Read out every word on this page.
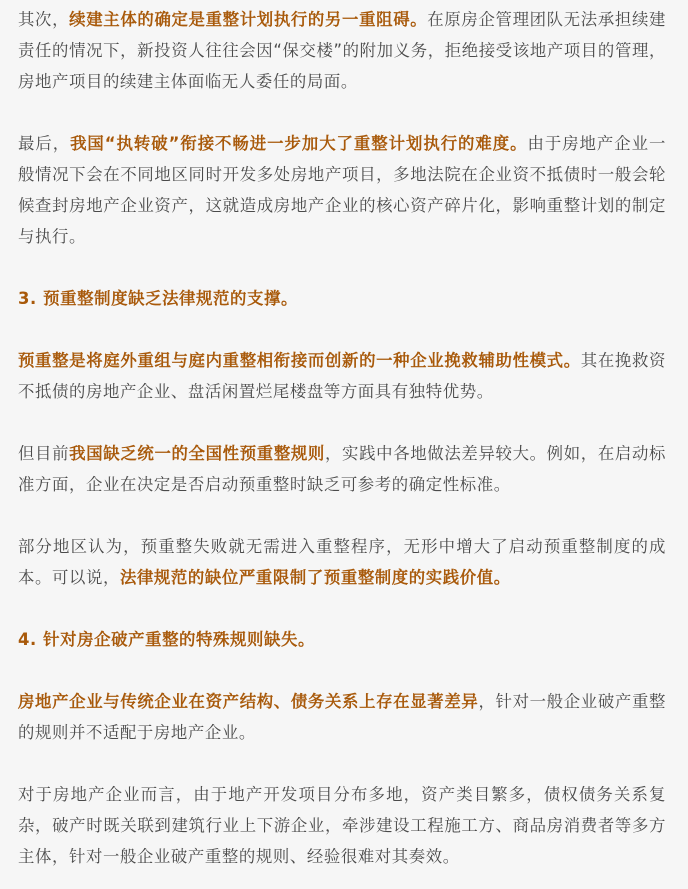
其次，续建主体的确定是重整计划执行的另一重阻碍。在原房企管理团队无法承担续建责任的情况下，新投资人往往会因“保交楼”的附加义务，拒绝接受该地产项目的管理，房地产项目的续建主体面临无人委任的局面。

最后，我国“执转破”衔接不畅进一步加大了重整计划执行的难度。由于房地产企业一般情况下会在不同地区同时开发多处房地产项目，多地法院在企业资不抵债时一般会轮候查封房地产企业资产，这就造成房地产企业的核心资产碎片化，影响重整计划的制定与执行。

3. 预重整制度缺乏法律规范的支撑。

预重整是将庭外重组与庭内重整相衔接而创新的一种企业挽救辅助性模式。其在挽救资不抵债的房地产企业、盘活闲置烂尾楼盘等方面具有独特优势。

但目前我国缺乏统一的全国性预重整规则，实践中各地做法差异较大。例如，在启动标准方面，企业在决定是否启动预重整时缺乏可参考的确定性标准。

部分地区认为，预重整失败就无需进入重整程序，无形中增大了启动预重整制度的成本。可以说，法律规范的缺位严重限制了预重整制度的实践价值。

4. 针对房企破产重整的特殊规则缺失。

房地产企业与传统企业在资产结构、债务关系上存在显著差异，针对一般企业破产重整的规则并不适配于房地产企业。

对于房地产企业而言，由于地产开发项目分布多地，资产类目繁多，债权债务关系复杂，破产时既关联到建筑行业上下游企业，牵涉建设工程施工方、商品房消费者等多方主体，针对一般企业破产重整的规则、经验很难对其奏效。
